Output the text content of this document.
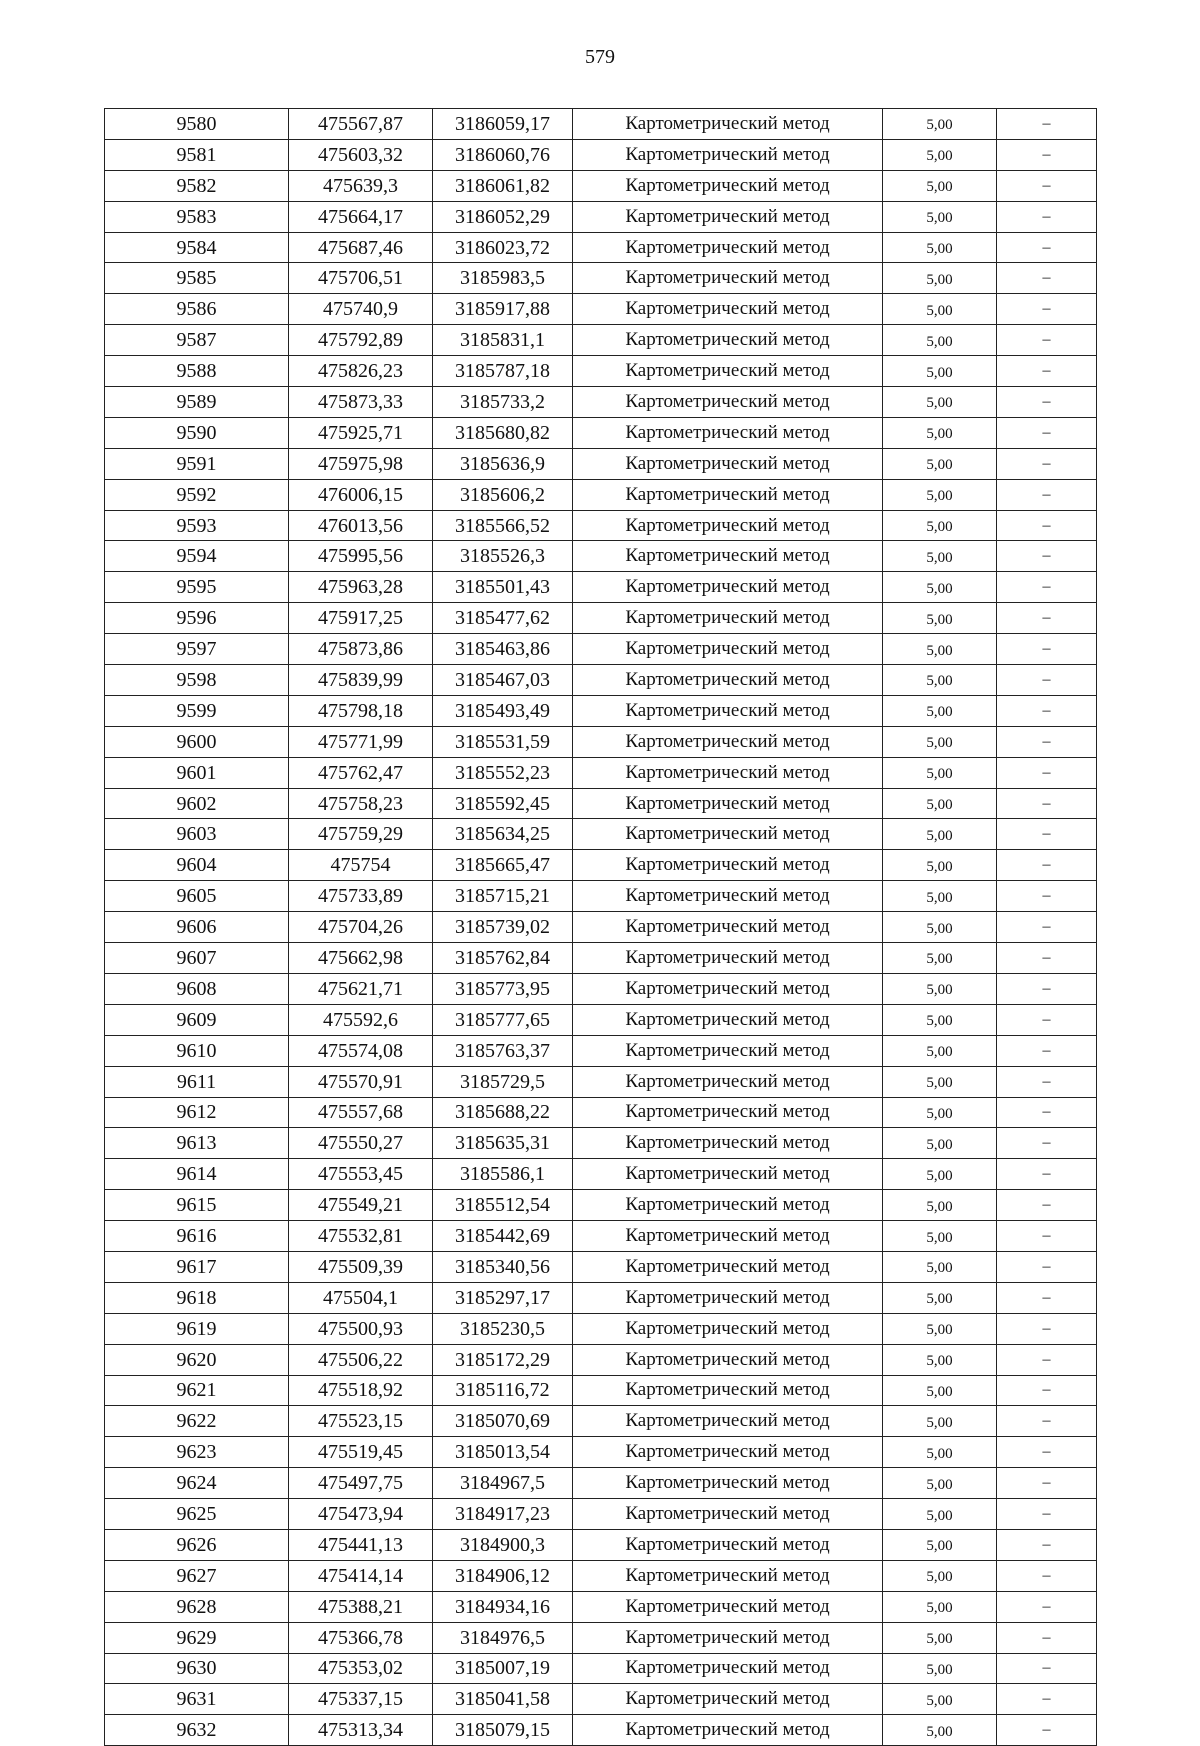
579
9580	475567,87	3186059,17	Картометрический метод	5,00	–
9581	475603,32	3186060,76	Картометрический метод	5,00	–
9582	475639,3	3186061,82	Картометрический метод	5,00	–
9583	475664,17	3186052,29	Картометрический метод	5,00	–
9584	475687,46	3186023,72	Картометрический метод	5,00	–
9585	475706,51	3185983,5	Картометрический метод	5,00	–
9586	475740,9	3185917,88	Картометрический метод	5,00	–
9587	475792,89	3185831,1	Картометрический метод	5,00	–
9588	475826,23	3185787,18	Картометрический метод	5,00	–
9589	475873,33	3185733,2	Картометрический метод	5,00	–
9590	475925,71	3185680,82	Картометрический метод	5,00	–
9591	475975,98	3185636,9	Картометрический метод	5,00	–
9592	476006,15	3185606,2	Картометрический метод	5,00	–
9593	476013,56	3185566,52	Картометрический метод	5,00	–
9594	475995,56	3185526,3	Картометрический метод	5,00	–
9595	475963,28	3185501,43	Картометрический метод	5,00	–
9596	475917,25	3185477,62	Картометрический метод	5,00	–
9597	475873,86	3185463,86	Картометрический метод	5,00	–
9598	475839,99	3185467,03	Картометрический метод	5,00	–
9599	475798,18	3185493,49	Картометрический метод	5,00	–
9600	475771,99	3185531,59	Картометрический метод	5,00	–
9601	475762,47	3185552,23	Картометрический метод	5,00	–
9602	475758,23	3185592,45	Картометрический метод	5,00	–
9603	475759,29	3185634,25	Картометрический метод	5,00	–
9604	475754	3185665,47	Картометрический метод	5,00	–
9605	475733,89	3185715,21	Картометрический метод	5,00	–
9606	475704,26	3185739,02	Картометрический метод	5,00	–
9607	475662,98	3185762,84	Картометрический метод	5,00	–
9608	475621,71	3185773,95	Картометрический метод	5,00	–
9609	475592,6	3185777,65	Картометрический метод	5,00	–
9610	475574,08	3185763,37	Картометрический метод	5,00	–
9611	475570,91	3185729,5	Картометрический метод	5,00	–
9612	475557,68	3185688,22	Картометрический метод	5,00	–
9613	475550,27	3185635,31	Картометрический метод	5,00	–
9614	475553,45	3185586,1	Картометрический метод	5,00	–
9615	475549,21	3185512,54	Картометрический метод	5,00	–
9616	475532,81	3185442,69	Картометрический метод	5,00	–
9617	475509,39	3185340,56	Картометрический метод	5,00	–
9618	475504,1	3185297,17	Картометрический метод	5,00	–
9619	475500,93	3185230,5	Картометрический метод	5,00	–
9620	475506,22	3185172,29	Картометрический метод	5,00	–
9621	475518,92	3185116,72	Картометрический метод	5,00	–
9622	475523,15	3185070,69	Картометрический метод	5,00	–
9623	475519,45	3185013,54	Картометрический метод	5,00	–
9624	475497,75	3184967,5	Картометрический метод	5,00	–
9625	475473,94	3184917,23	Картометрический метод	5,00	–
9626	475441,13	3184900,3	Картометрический метод	5,00	–
9627	475414,14	3184906,12	Картометрический метод	5,00	–
9628	475388,21	3184934,16	Картометрический метод	5,00	–
9629	475366,78	3184976,5	Картометрический метод	5,00	–
9630	475353,02	3185007,19	Картометрический метод	5,00	–
9631	475337,15	3185041,58	Картометрический метод	5,00	–
9632	475313,34	3185079,15	Картометрический метод	5,00	–
